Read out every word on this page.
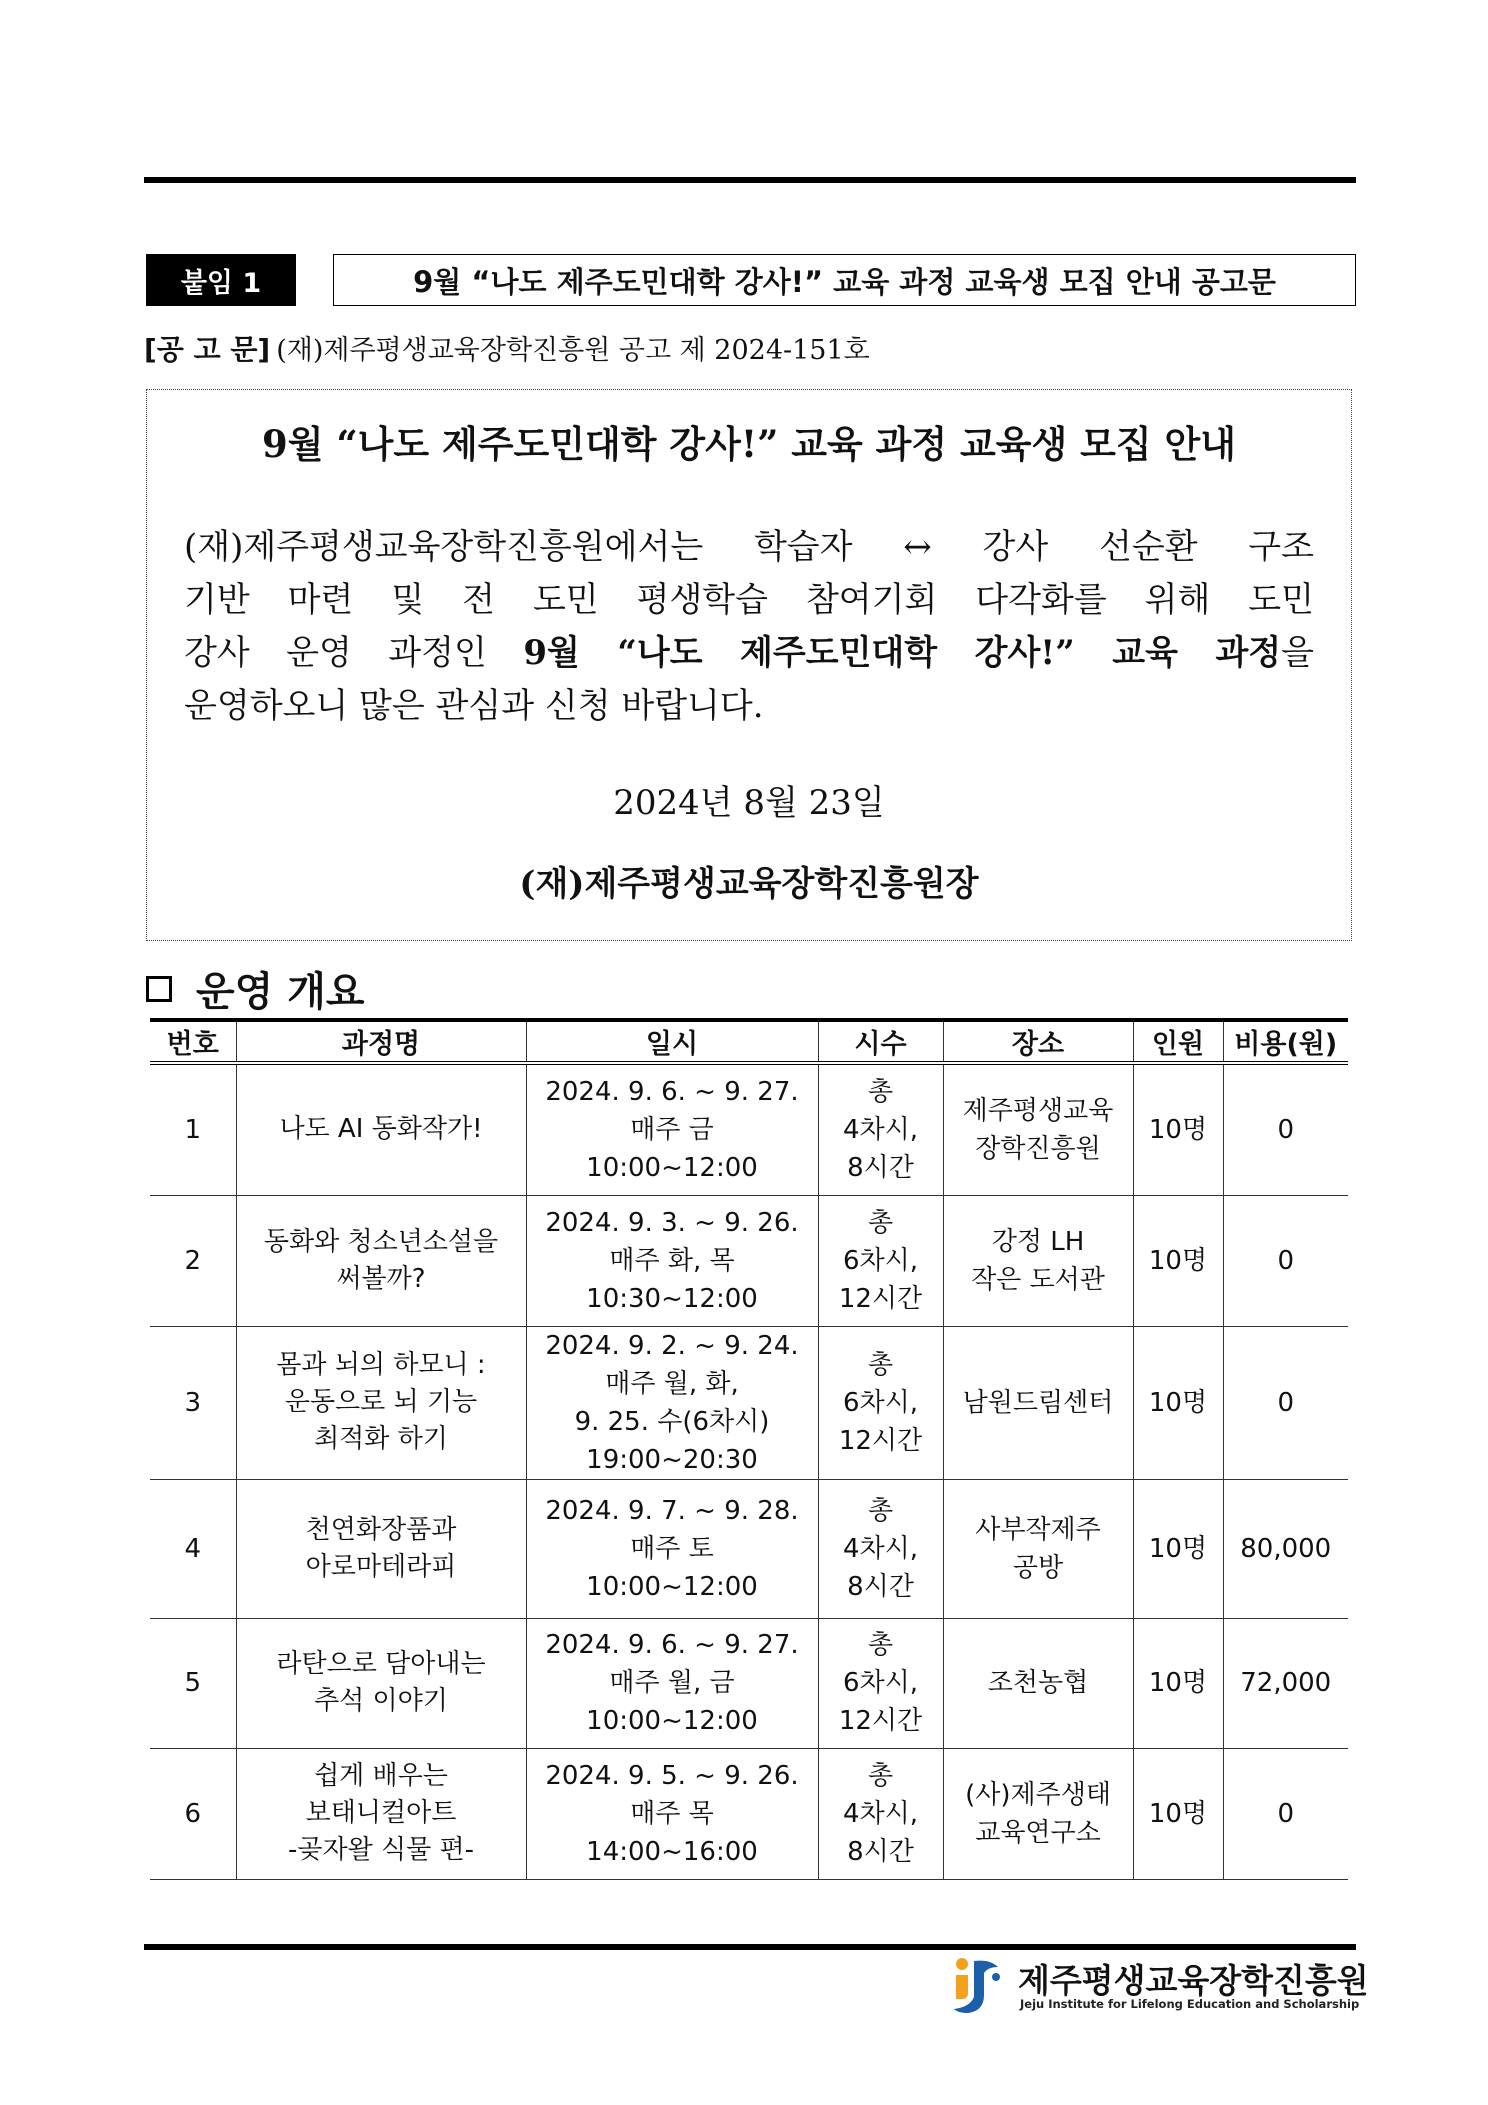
붙임 1	9월 “나도 제주도민대학 강사!” 교육 과정 교육생 모집 안내 공고문
[공 고 문] (재)제주평생교육장학진흥원 공고 제 2024-151호
9월 “나도 제주도민대학 강사!” 교육 과정 교육생 모집 안내
(재)제주평생교육장학진흥원에서는 학습자 ↔ 강사 선순환 구조
기반 마련 및 전 도민 평생학습 참여기회 다각화를 위해 도민
강사 운영 과정인 9월 “나도 제주도민대학 강사!” 교육 과정을
운영하오니 많은 관심과 신청 바랍니다.
2024년 8월 23일
(재)제주평생교육장학진흥원장
운영 개요
번호	과정명	일시	시수	장소	인원	비용(원)
1	나도 AI 동화작가!	2024. 9. 6. ~ 9. 27.
매주 금
10:00~12:00	총
4차시,
8시간	제주평생교육
장학진흥원	10명	0
2	동화와 청소년소설을
써볼까?	2024. 9. 3. ~ 9. 26.
매주 화, 목
10:30~12:00	총
6차시,
12시간	강정 LH
작은 도서관	10명	0
3	몸과 뇌의 하모니 :
운동으로 뇌 기능
최적화 하기	2024. 9. 2. ~ 9. 24.
매주 월, 화,
9. 25. 수(6차시)
19:00~20:30	총
6차시,
12시간	남원드림센터	10명	0
4	천연화장품과
아로마테라피	2024. 9. 7. ~ 9. 28.
매주 토
10:00~12:00	총
4차시,
8시간	사부작제주
공방	10명	80,000
5	라탄으로 담아내는
추석 이야기	2024. 9. 6. ~ 9. 27.
매주 월, 금
10:00~12:00	총
6차시,
12시간	조천농협	10명	72,000
6	쉽게 배우는
보태니컬아트
-곶자왈 식물 편-	2024. 9. 5. ~ 9. 26.
매주 목
14:00~16:00	총
4차시,
8시간	(사)제주생태
교육연구소	10명	0
제주평생교육장학진흥원
Jeju Institute for Lifelong Education and Scholarship
